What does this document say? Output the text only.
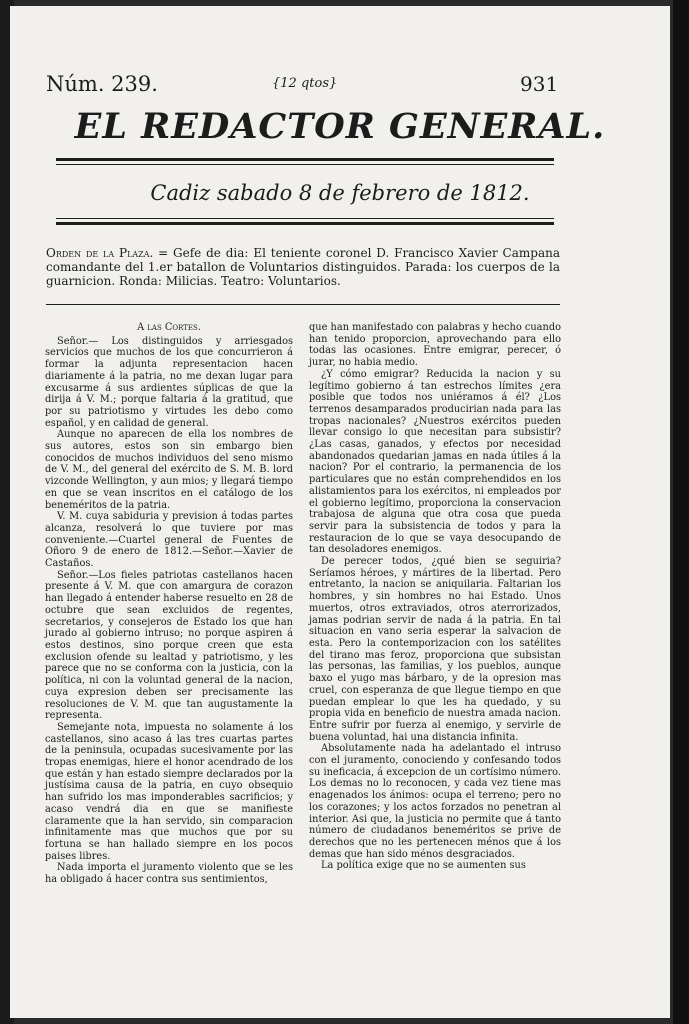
Núm. 239.	{12 qtos}	931
EL REDACTOR GENERAL.
Cadiz sabado 8 de febrero de 1812.
Orden de la Plaza. = Gefe de dia: El teniente coronel D. Francisco Xavier Campana comandante del 1.er batallon de Voluntarios distinguidos. Parada: los cuerpos de la guarnicion. Ronda: Milicias. Teatro: Voluntarios.

A las Cortes.

Señor.— Los distinguidos y arriesgados servicios que muchos de los que concurrieron á formar la adjunta representacion hacen diariamente á la patria, no me dexan lugar para excusarme á sus ardientes súplicas de que la dirija á V. M.; porque faltaria á la gratitud, que por su patriotismo y virtudes les debo como español, y en calidad de general.

Aunque no aparecen de ella los nombres de sus autores, estos son sin embargo bien conocidos de muchos individuos del seno mismo de V. M., del general del exército de S. M. B. lord vizconde Wellington, y aun mios; y llegará tiempo en que se vean inscritos en el catálogo de los beneméritos de la patria.

V. M. cuya sabiduria y prevision á todas partes alcanza, resolverá lo que tuviere por mas conveniente.—Cuartel general de Fuentes de Oñoro 9 de enero de 1812.—Señor.—Xavier de Castaños.

Señor.—Los fieles patriotas castellanos hacen presente á V. M. que con amargura de corazon han llegado á entender haberse resuelto en 28 de octubre que sean excluidos de regentes, secretarios, y consejeros de Estado los que han jurado al gobierno intruso; no porque aspiren á estos destinos, sino porque creen que esta exclusion ofende su lealtad y patriotismo, y les parece que no se conforma con la justicia, con la política, ni con la voluntad general de la nacion, cuya expresion deben ser precisamente las resoluciones de V. M. que tan augustamente la representa.

Semejante nota, impuesta no solamente á los castellanos, sino acaso á las tres cuartas partes de la peninsula, ocupadas sucesivamente por las tropas enemigas, hiere el honor acendrado de los que están y han estado siempre declarados por la justísima causa de la patria, en cuyo obsequio han sufrido los mas imponderables sacrificios; y acaso vendrá dia en que se manifieste claramente que la han servido, sin comparacion infinitamente mas que muchos que por su fortuna se han hallado siempre en los pocos paises libres.

Nada importa el juramento violento que se les ha obligado á hacer contra sus sentimientos,

que han manifestado con palabras y hecho cuando han tenido proporcion, aprovechando para ello todas las ocasiones. Entre emigrar, perecer, ó jurar, no habia medio.

¿Y cómo emigrar? Reducida la nacion y su legítimo gobierno á tan estrechos límites ¿era posible que todos nos uniéramos á él? ¿Los terrenos desamparados producirian nada para las tropas nacionales? ¿Nuestros exércitos pueden llevar consigo lo que necesitan para subsistir? ¿Las casas, ganados, y efectos por necesidad abandonados quedarian jamas en nada útiles á la nacion? Por el contrario, la permanencia de los particulares que no están comprehendidos en los alistamientos para los exércitos, ni empleados por el gobierno legítimo, proporciona la conservacion trabajosa de alguna que otra cosa que pueda servir para la subsistencia de todos y para la restauracion de lo que se vaya desocupando de tan desoladores enemigos.

De perecer todos, ¿qué bien se seguiria? Seríamos héroes, y mártires de la libertad. Pero entretanto, la nacion se aniquilaria. Faltarian los hombres, y sin hombres no hai Estado. Unos muertos, otros extraviados, otros aterrorizados, jamas podrian servir de nada á la patria. En tal situacion en vano seria esperar la salvacion de esta. Pero la contemporizacion con los satélites del tirano mas feroz, proporciona que subsistan las personas, las familias, y los pueblos, aunque baxo el yugo mas bárbaro, y de la opresion mas cruel, con esperanza de que llegue tiempo en que puedan emplear lo que les ha quedado, y su propia vida en beneficio de nuestra amada nacion. Entre sufrir por fuerza al enemigo, y servirle de buena voluntad, hai una distancia infinita.

Absolutamente nada ha adelantado el intruso con el juramento, conociendo y confesando todos su ineficacia, á excepcion de un cortísimo número. Los demas no lo reconocen, y cada vez tiene mas enagenados los ánimos: ocupa el terreno; pero no los corazones; y los actos forzados no penetran al interior. Asi que, la justicia no permite que á tanto número de ciudadanos beneméritos se prive de derechos que no les pertenecen ménos que á los demas que han sido ménos desgraciados.

La política exige que no se aumenten sus
